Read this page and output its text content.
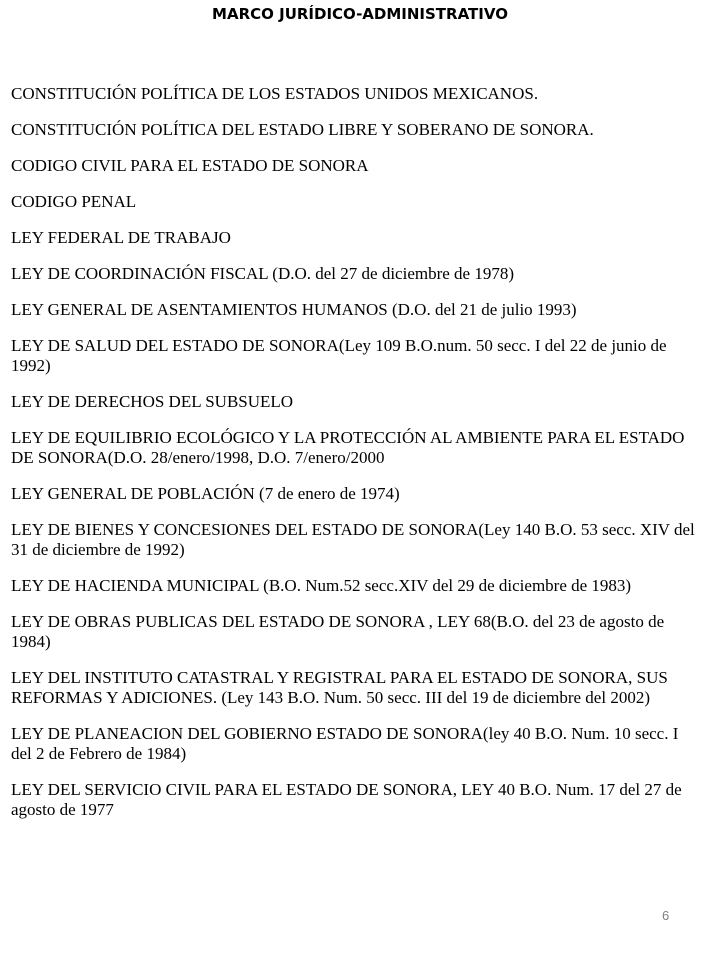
MARCO JURÍDICO-ADMINISTRATIVO
CONSTITUCIÓN POLÍTICA DE LOS ESTADOS UNIDOS MEXICANOS.
CONSTITUCIÓN POLÍTICA DEL ESTADO LIBRE Y SOBERANO DE SONORA.
CODIGO CIVIL PARA EL ESTADO DE SONORA
CODIGO PENAL
LEY FEDERAL DE TRABAJO
LEY DE COORDINACIÓN FISCAL (D.O. del 27 de diciembre de 1978)
LEY GENERAL DE ASENTAMIENTOS HUMANOS (D.O. del 21 de julio 1993)
LEY DE SALUD DEL ESTADO DE SONORA(Ley 109 B.O.num. 50 secc. I del 22 de junio de 1992)
LEY DE DERECHOS DEL SUBSUELO
LEY DE EQUILIBRIO ECOLÓGICO Y LA PROTECCIÓN AL AMBIENTE PARA EL ESTADO DE SONORA(D.O. 28/enero/1998, D.O. 7/enero/2000
LEY GENERAL DE POBLACIÓN (7 de enero de 1974)
LEY DE BIENES Y CONCESIONES DEL ESTADO DE SONORA(Ley 140 B.O. 53 secc. XIV del 31 de diciembre de 1992)
LEY DE HACIENDA MUNICIPAL (B.O. Num.52 secc.XIV del 29 de diciembre de 1983)
LEY DE OBRAS PUBLICAS DEL ESTADO DE SONORA , LEY 68(B.O. del 23 de agosto de 1984)
LEY DEL INSTITUTO CATASTRAL Y REGISTRAL PARA EL ESTADO DE SONORA, SUS REFORMAS Y ADICIONES. (Ley 143 B.O. Num. 50 secc. III del 19 de diciembre del 2002)
LEY DE PLANEACION DEL GOBIERNO ESTADO DE SONORA(ley 40 B.O. Num. 10 secc. I del 2 de Febrero de 1984)
LEY DEL SERVICIO CIVIL PARA EL ESTADO DE SONORA, LEY 40 B.O. Num. 17 del 27 de agosto de 1977
6
